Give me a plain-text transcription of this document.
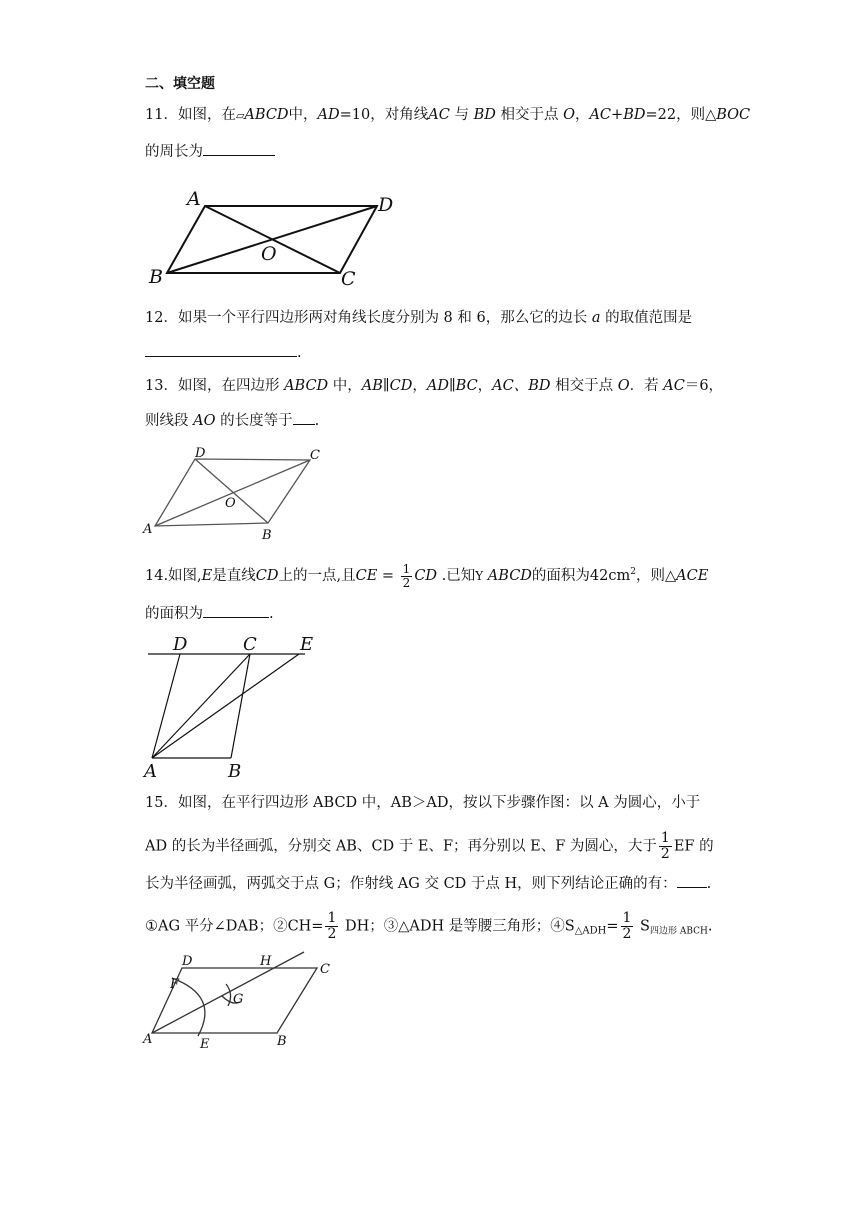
二、填空题
11．如图，在▱ABCD中，AD=10，对角线AC 与 BD 相交于点 O，AC+BD=22，则△BOC
的周长为
A	D
O
B	C
12．如果一个平行四边形两对角线长度分别为 8 和 6，那么它的边长 a 的取值范围是
.
13．如图，在四边形 ABCD 中，AB∥CD，AD∥BC，AC、BD 相交于点 O．若 AC＝6，
则线段 AO 的长度等于 .
D	C
O
A	B
14.如图,E是直线CD上的一点,且CE = $\frac{1}{2}$ CD .已知Y ABCD的面积为$42cm^2$，则△ACE
的面积为	.
D	C E
A	B
15．如图，在平行四边形 ABCD 中，AB＞AD，按以下步骤作图：以 A 为圆心，小于
AD 的长为半径画弧，分别交 AB、CD 于 E、F；再分别以 E、F 为圆心，大于 $\frac{1}{2}$ EF 的
长为半径画弧，两弧交于点 G；作射线 AG 交 CD 于点 H，则下列结论正确的有： .
①AG 平分∠DAB；②CH= $\frac{1}{2}$ DH；③△ADH 是等腰三角形；$④S_{\triangle ADH}= \frac{1}{2} S_{四边形 ABCH}$.
D	H
C
F
G
A	E	B
